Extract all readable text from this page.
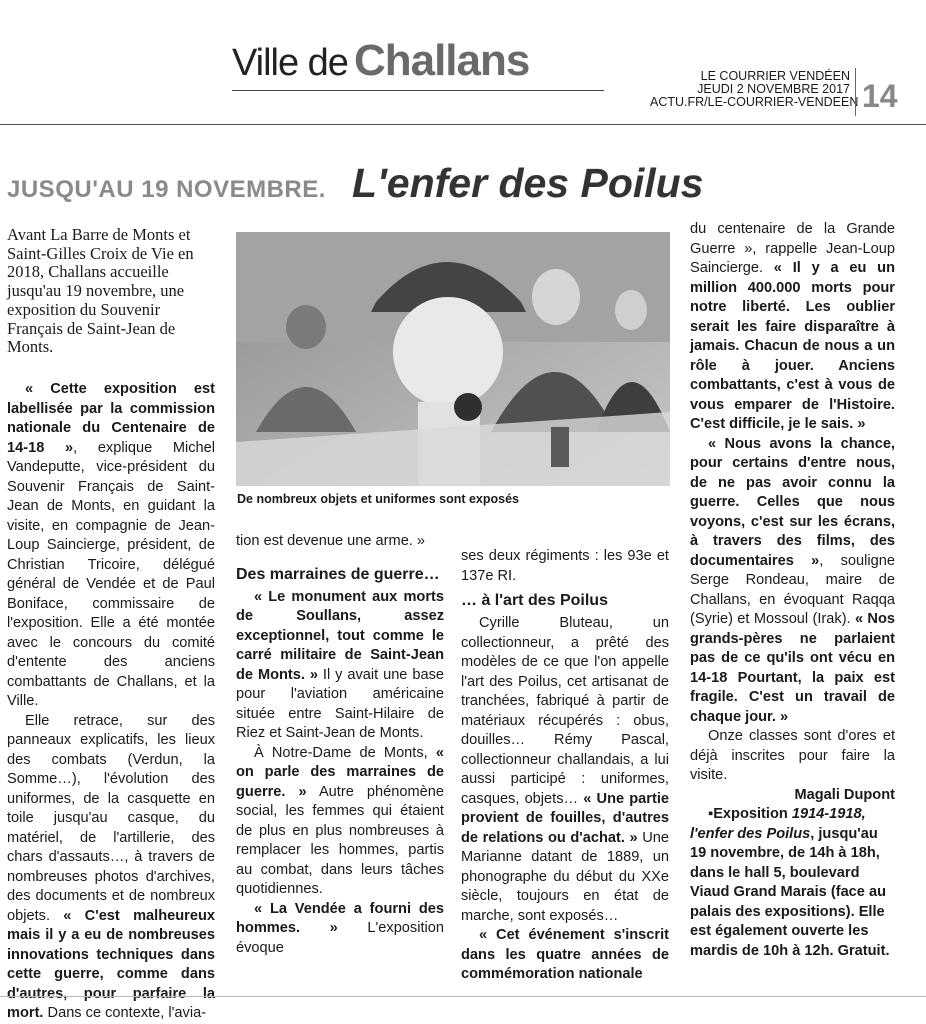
Ville de Challans	LE COURRIER VENDÉEN
JEUDI 2 NOVEMBRE 2017
ACTU.FR/LE-COURRIER-VENDEEN 14
JUSQU'AU 19 NOVEMBRE. L'enfer des Poilus
Avant La Barre de Monts et Saint-Gilles Croix de Vie en 2018, Challans accueille jusqu'au 19 novembre, une exposition du Souvenir Français de Saint-Jean de Monts.
De nombreux objets et uniformes sont exposés

« Cette exposition est labellisée par la commission nationale du Centenaire de 14-18 », explique Michel Vandeputte, vice-président du Souvenir Français de Saint-Jean de Monts, en guidant la visite, en compagnie de Jean-Loup Saincierge, président, de Christian Tricoire, délégué général de Vendée et de Paul Boniface, commissaire de l'exposition. Elle a été montée avec le concours du comité d'entente des anciens combattants de Challans, et la Ville.

Elle retrace, sur des panneaux explicatifs, les lieux des combats (Verdun, la Somme…), l'évolution des uniformes, de la casquette en toile jusqu'au casque, du matériel, de l'artillerie, des chars d'assauts…, à travers de nombreuses photos d'archives, des documents et de nombreux objets. « C'est malheureux mais il y a eu de nombreuses innovations techniques dans cette guerre, comme dans d'autres, pour parfaire la mort. Dans ce contexte, l'avia-

tion est devenue une arme. »

Des marraines de guerre…

« Le monument aux morts de Soullans, assez exceptionnel, tout comme le carré militaire de Saint-Jean de Monts. » Il y avait une base pour l'aviation américaine située entre Saint-Hilaire de Riez et Saint-Jean de Monts.

À Notre-Dame de Monts, « on parle des marraines de guerre. » Autre phénomène social, les femmes qui étaient de plus en plus nombreuses à remplacer les hommes, partis au combat, dans leurs tâches quotidiennes.

« La Vendée a fourni des hommes. » L'exposition évoque

ses deux régiments : les 93e et 137e RI.

… à l'art des Poilus

Cyrille Bluteau, un collectionneur, a prêté des modèles de ce que l'on appelle l'art des Poilus, cet artisanat de tranchées, fabriqué à partir de matériaux récupérés : obus, douilles… Rémy Pascal, collectionneur challandais, a lui aussi participé : uniformes, casques, objets… « Une partie provient de fouilles, d'autres de relations ou d'achat. » Une Marianne datant de 1889, un phonographe du début du XXe siècle, toujours en état de marche, sont exposés…

« Cet événement s'inscrit dans les quatre années de commémoration nationale

du centenaire de la Grande Guerre », rappelle Jean-Loup Saincierge. « Il y a eu un million 400.000 morts pour notre liberté. Les oublier serait les faire disparaître à jamais. Chacun de nous a un rôle à jouer. Anciens combattants, c'est à vous de vous emparer de l'Histoire. C'est difficile, je le sais. »

« Nous avons la chance, pour certains d'entre nous, de ne pas avoir connu la guerre. Celles que nous voyons, c'est sur les écrans, à travers des films, des documentaires », souligne Serge Rondeau, maire de Challans, en évoquant Raqqa (Syrie) et Mossoul (Irak). « Nos grands-pères ne parlaient pas de ce qu'ils ont vécu en 14-18 Pourtant, la paix est fragile. C'est un travail de chaque jour. »

Onze classes sont d'ores et déjà inscrites pour faire la visite.

Magali Dupont

▪Exposition 1914-1918, l'enfer des Poilus, jusqu'au 19 novembre, de 14h à 18h, dans le hall 5, boulevard Viaud Grand Marais (face au palais des expositions). Elle est également ouverte les mardis de 10h à 12h. Gratuit.
